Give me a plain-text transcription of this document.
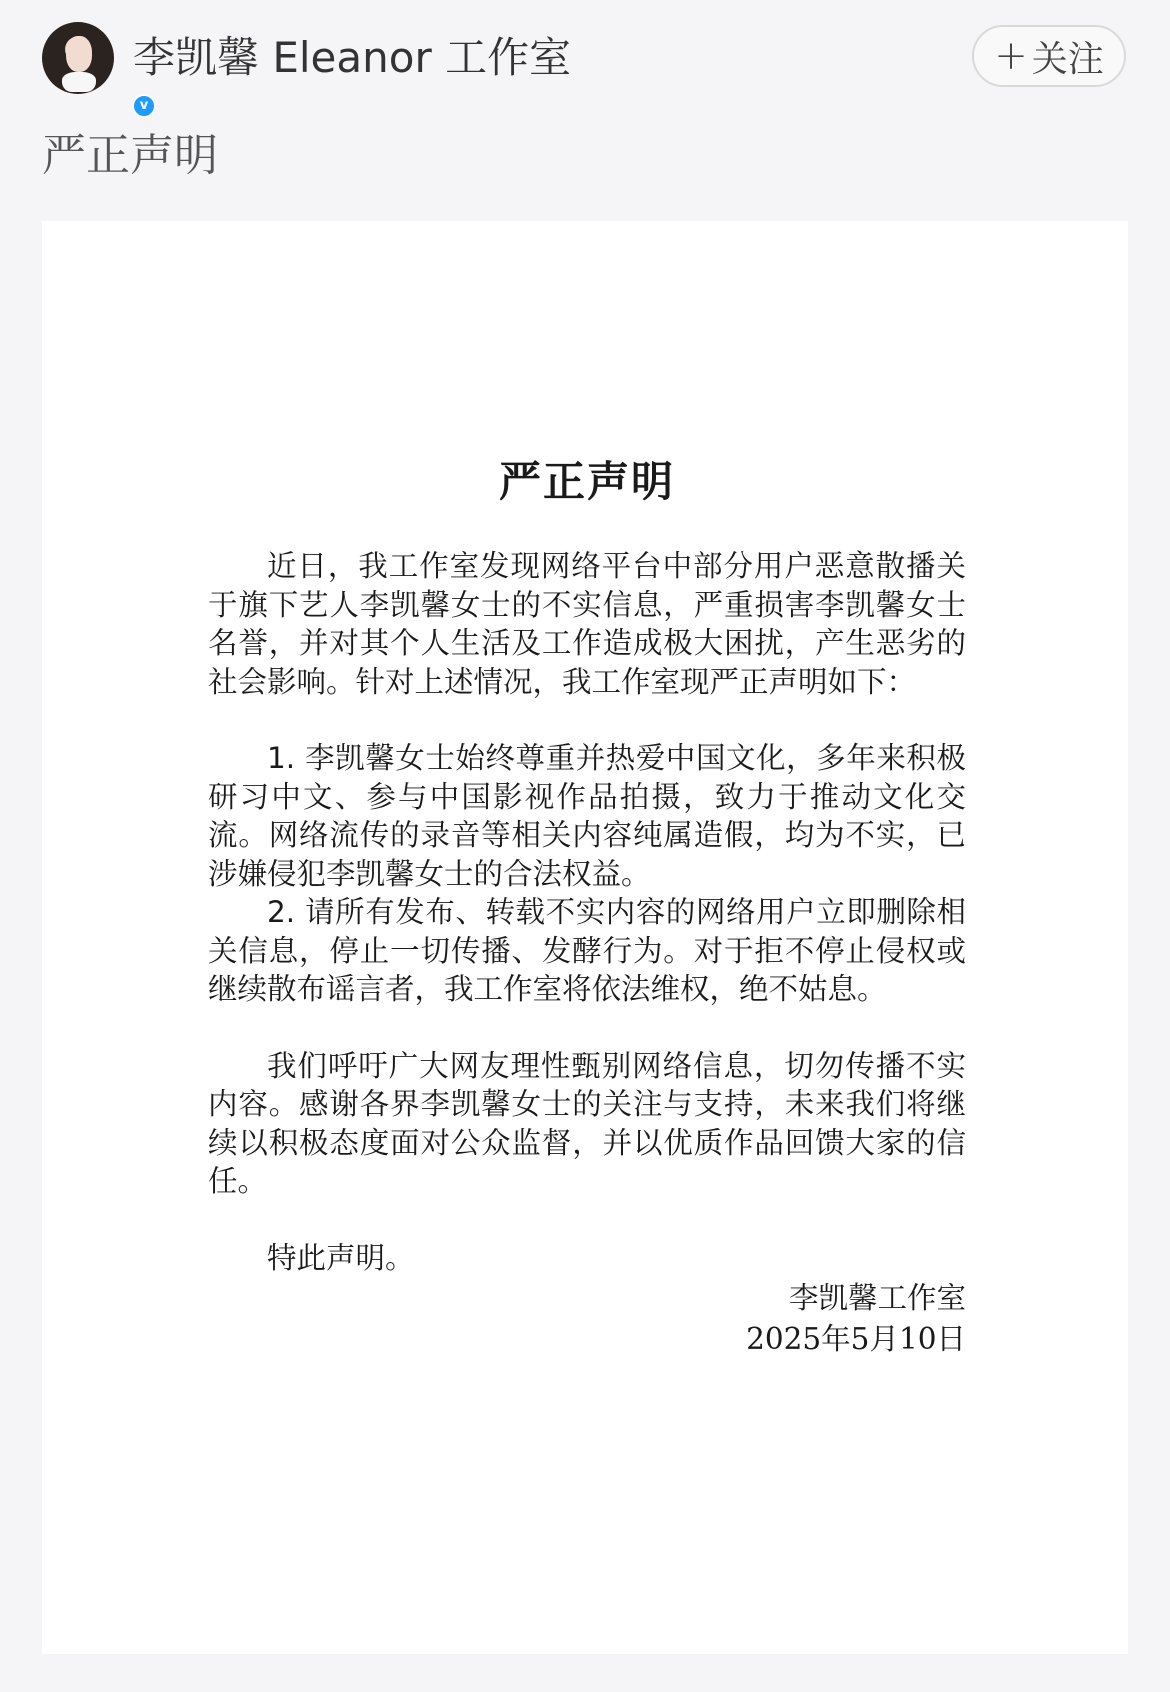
v
李凯馨 Eleanor 工作室	+ 关注
严正声明
严正声明

近日，我工作室发现网络平台中部分用户恶意散播关于旗下艺人李凯馨女士的不实信息，严重损害李凯馨女士名誉，并对其个人生活及工作造成极大困扰，产生恶劣的社会影响。针对上述情况，我工作室现严正声明如下：

1. 李凯馨女士始终尊重并热爱中国文化，多年来积极研习中文、参与中国影视作品拍摄，致力于推动文化交流。网络流传的录音等相关内容纯属造假，均为不实，已涉嫌侵犯李凯馨女士的合法权益。

2. 请所有发布、转载不实内容的网络用户立即删除相关信息，停止一切传播、发酵行为。对于拒不停止侵权或继续散布谣言者，我工作室将依法维权，绝不姑息。

我们呼吁广大网友理性甄别网络信息，切勿传播不实内容。感谢各界李凯馨女士的关注与支持，未来我们将继续以积极态度面对公众监督，并以优质作品回馈大家的信任。

特此声明。

李凯馨工作室
2025年5月10日
